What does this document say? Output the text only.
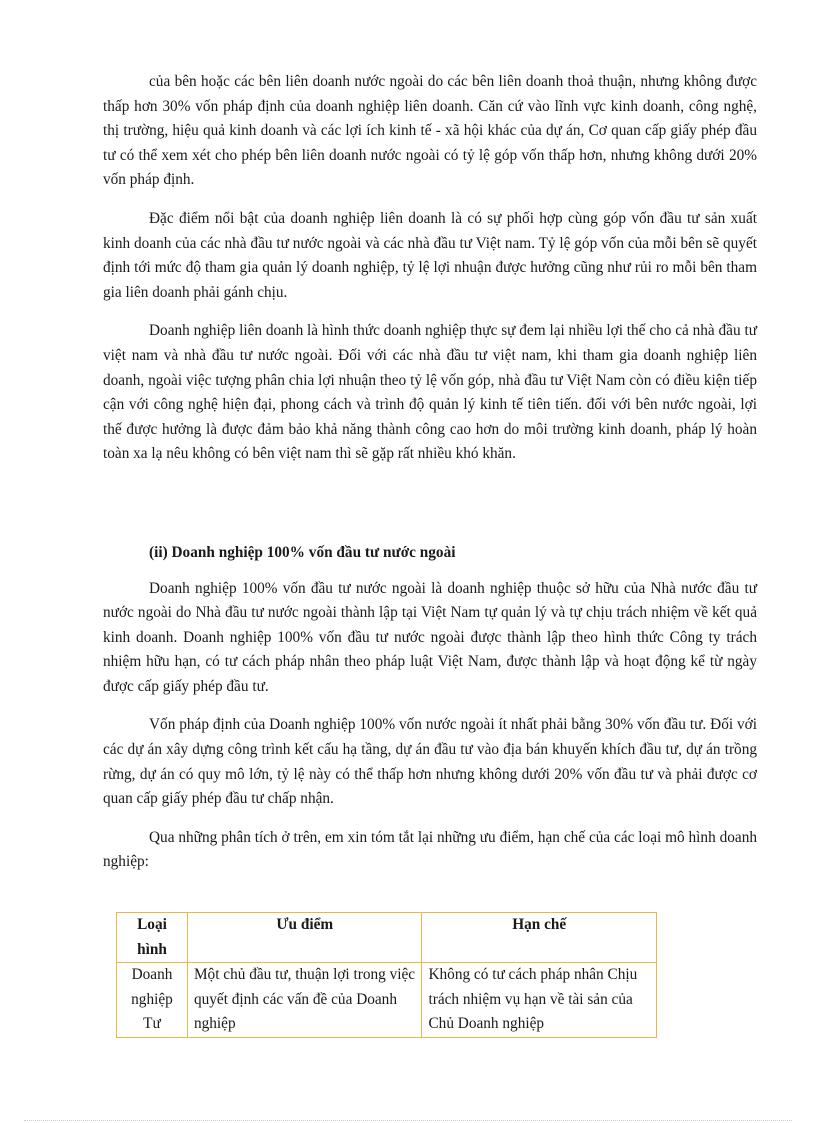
của bên hoặc các bên liên doanh nước ngoài do các bên liên doanh thoả thuận, nhưng không được thấp hơn 30% vốn pháp định của doanh nghiệp liên doanh. Căn cứ vào lĩnh vực kinh doanh, công nghệ, thị trường, hiệu quả kinh doanh và các lợi ích kinh tế - xã hội khác của dự án, Cơ quan cấp giấy phép đầu tư có thể xem xét cho phép bên liên doanh nước ngoài có tỷ lệ góp vốn thấp hơn, nhưng không dưới 20% vốn pháp định.

Đặc điểm nổi bật của doanh nghiệp liên doanh là có sự phối hợp cùng góp vốn đầu tư sản xuất kinh doanh của các nhà đầu tư nước ngoài và các nhà đầu tư Việt nam. Tỷ lệ góp vốn của mỗi bên sẽ quyết định tới mức độ tham gia quản lý doanh nghiệp, tỷ lệ lợi nhuận được hưởng cũng như rủi ro mỗi bên tham gia liên doanh phải gánh chịu.

Doanh nghiệp liên doanh là hình thức doanh nghiệp thực sự đem lại nhiều lợi thế cho cả nhà đầu tư việt nam và nhà đầu tư nước ngoài. Đối với các nhà đầu tư việt nam, khi tham gia doanh nghiệp liên doanh, ngoài việc tượng phân chia lợi nhuận theo tỷ lệ vốn góp, nhà đầu tư Việt Nam còn có điều kiện tiếp cận với công nghệ hiện đại, phong cách và trình độ quản lý kinh tế tiên tiến. đối với bên nước ngoài, lợi thế được hưởng là được đảm bảo khả năng thành công cao hơn do môi trường kinh doanh, pháp lý hoàn toàn xa lạ nêu không có bên việt nam thì sẽ gặp rất nhiều khó khăn.

(ii) Doanh nghiệp 100% vốn đầu tư nước ngoài

Doanh nghiệp 100% vốn đầu tư nước ngoài là doanh nghiệp thuộc sở hữu của Nhà nước đầu tư nước ngoài do Nhà đầu tư nước ngoài thành lập tại Việt Nam tự quản lý và tự chịu trách nhiệm về kết quả kinh doanh. Doanh nghiệp 100% vốn đầu tư nước ngoài được thành lập theo hình thức Công ty trách nhiệm hữu hạn, có tư cách pháp nhân theo pháp luật Việt Nam, được thành lập và hoạt động kể từ ngày được cấp giấy phép đầu tư.

Vốn pháp định của Doanh nghiệp 100% vốn nước ngoài ít nhất phải bằng 30% vốn đầu tư. Đối với các dự án xây dựng công trình kết cấu hạ tầng, dự án đầu tư vào địa bán khuyến khích đầu tư, dự án trồng rừng, dự án có quy mô lớn, tỷ lệ này có thể thấp hơn nhưng không dưới 20% vốn đầu tư và phải được cơ quan cấp giấy phép đầu tư chấp nhận.

Qua những phân tích ở trên, em xin tóm tắt lại những ưu điểm, hạn chế của các loại mô hình doanh nghiệp:

Loại hình	Ưu điểm	Hạn chế
Doanh nghiệp Tư	Một chủ đầu tư, thuận lợi trong việc quyết định các vấn đề của Doanh nghiệp	Không có tư cách pháp nhân Chịu trách nhiệm vụ hạn về tài sản của Chủ Doanh nghiệp
